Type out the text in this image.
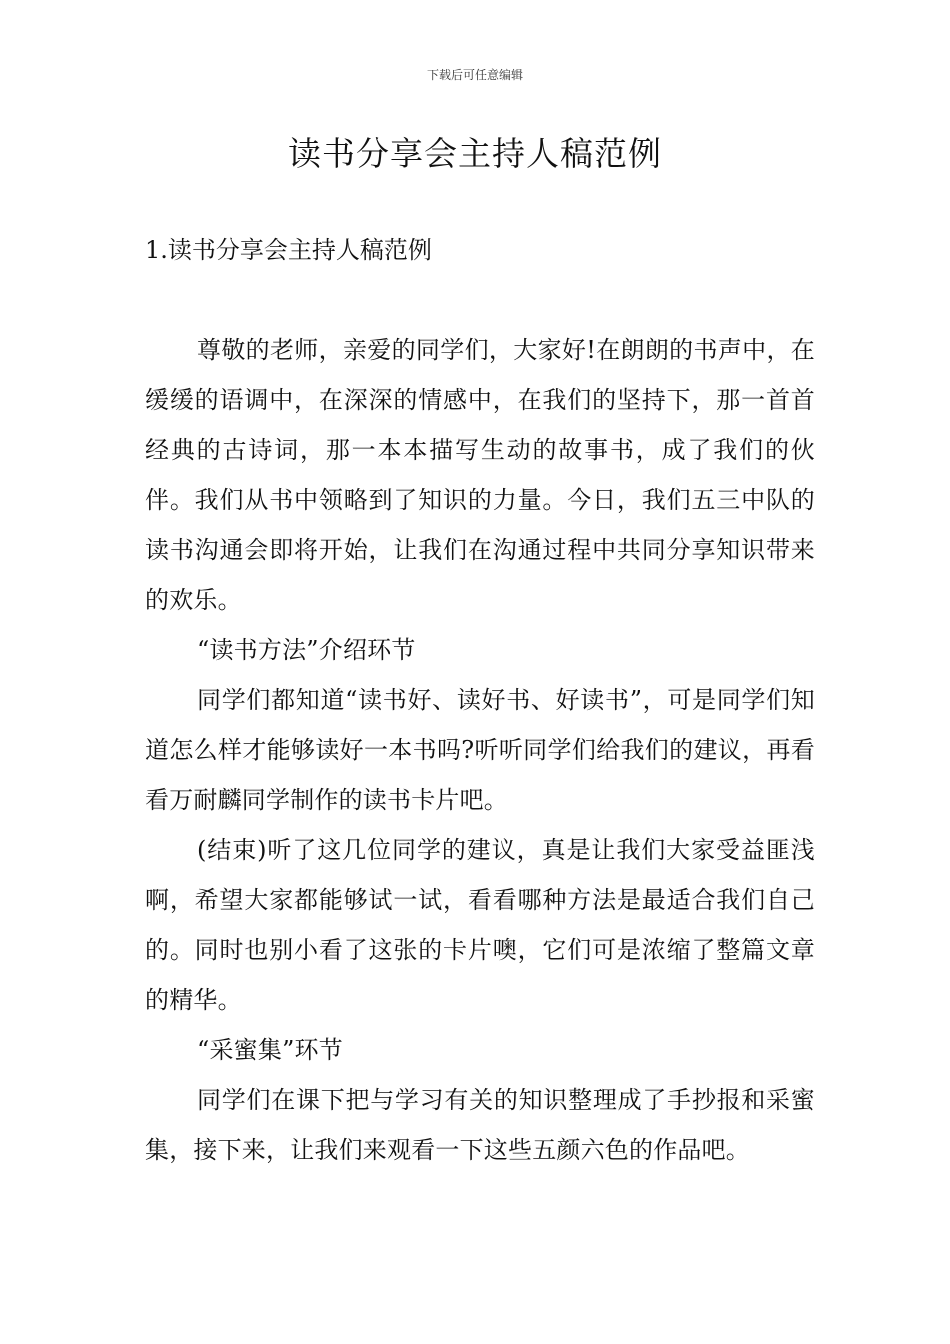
下载后可任意编辑
读书分享会主持人稿范例
1.读书分享会主持人稿范例

尊敬的老师，亲爱的同学们，大家好!在朗朗的书声中，在缓缓的语调中，在深深的情感中，在我们的坚持下，那一首首经典的古诗词，那一本本描写生动的故事书，成了我们的伙伴。我们从书中领略到了知识的力量。今日，我们五三中队的读书沟通会即将开始，让我们在沟通过程中共同分享知识带来的欢乐。

“读书方法”介绍环节

同学们都知道“读书好、读好书、好读书”，可是同学们知道怎么样才能够读好一本书吗?听听同学们给我们的建议，再看看万耐麟同学制作的读书卡片吧。

(结束)听了这几位同学的建议，真是让我们大家受益匪浅啊，希望大家都能够试一试，看看哪种方法是最适合我们自己的。同时也别小看了这张的卡片噢，它们可是浓缩了整篇文章的精华。

“采蜜集”环节

同学们在课下把与学习有关的知识整理成了手抄报和采蜜集，接下来，让我们来观看一下这些五颜六色的作品吧。
